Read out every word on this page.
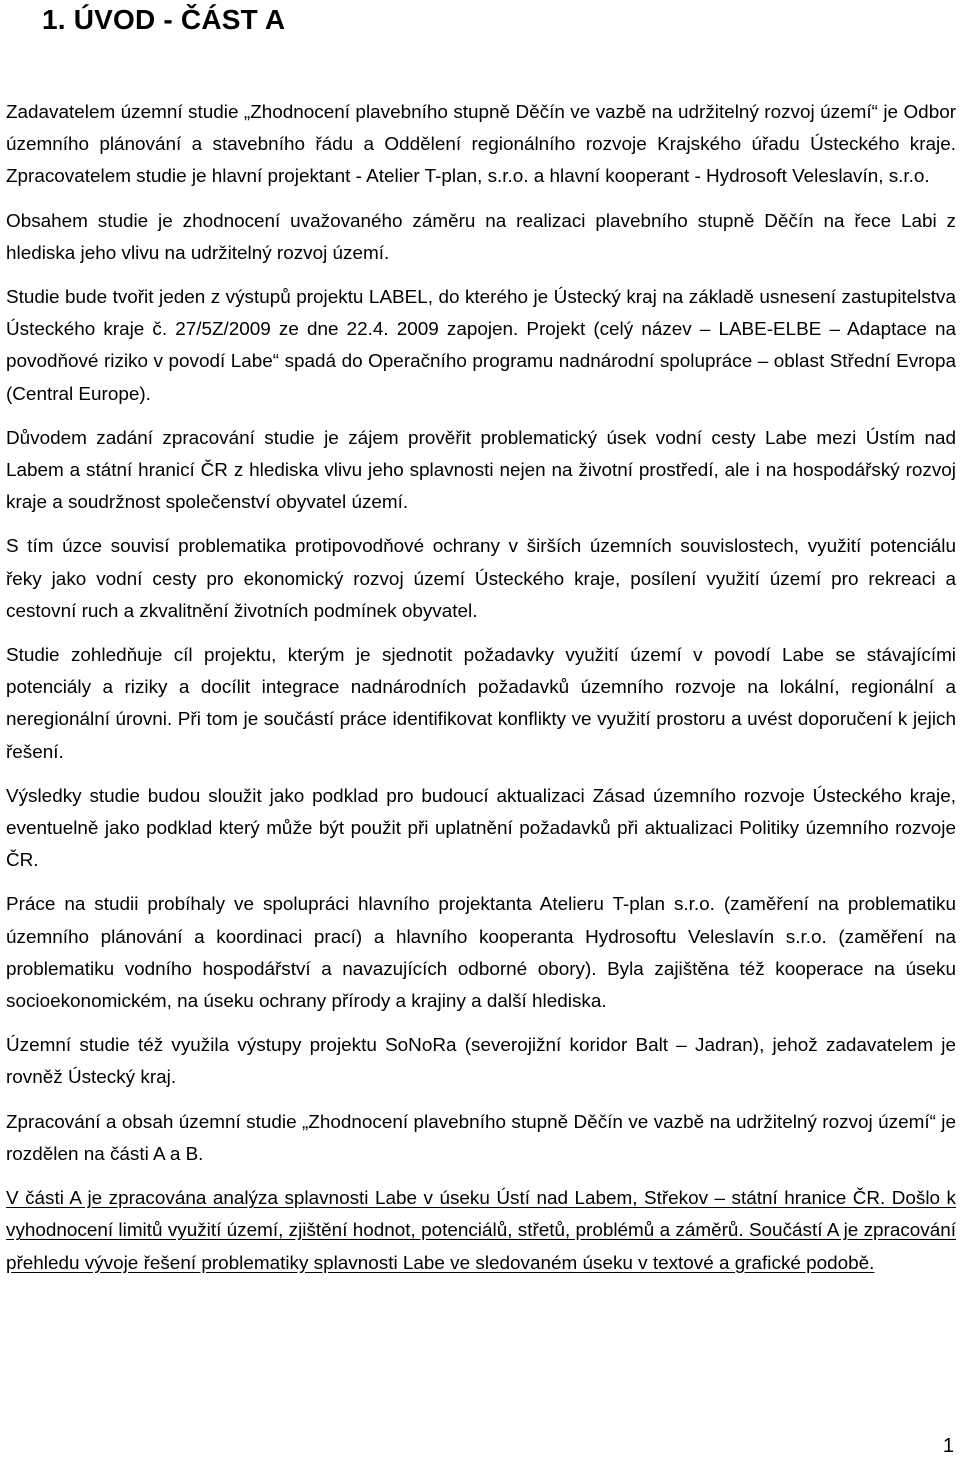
1. ÚVOD - ČÁST A

Zadavatelem územní studie „Zhodnocení plavebního stupně Děčín ve vazbě na udržitelný rozvoj území“ je Odbor územního plánování a stavebního řádu a Oddělení regionálního rozvoje Krajského úřadu Ústeckého kraje. Zpracovatelem studie je hlavní projektant - Atelier T-plan, s.r.o. a hlavní kooperant - Hydrosoft Veleslavín, s.r.o.

Obsahem studie je zhodnocení uvažovaného záměru na realizaci plavebního stupně Děčín na řece Labi z hlediska jeho vlivu na udržitelný rozvoj území.

Studie bude tvořit jeden z výstupů projektu LABEL, do kterého je Ústecký kraj na základě usnesení zastupitelstva Ústeckého kraje č. 27/5Z/2009 ze dne 22.4. 2009 zapojen. Projekt (celý název – LABE-ELBE – Adaptace na povodňové riziko v povodí Labe“ spadá do Operačního programu nadnárodní spolupráce – oblast Střední Evropa (Central Europe).

Důvodem zadání zpracování studie je zájem prověřit problematický úsek vodní cesty Labe mezi Ústím nad Labem a státní hranicí ČR z hlediska vlivu jeho splavnosti nejen na životní prostředí, ale i na hospodářský rozvoj kraje a soudržnost společenství obyvatel území.

S tím úzce souvisí problematika protipovodňové ochrany v širších územních souvislostech, využití potenciálu řeky jako vodní cesty pro ekonomický rozvoj území Ústeckého kraje, posílení využití území pro rekreaci a cestovní ruch a zkvalitnění životních podmínek obyvatel.

Studie zohledňuje cíl projektu, kterým je sjednotit požadavky využití území v povodí Labe se stávajícími potenciály a riziky a docílit integrace nadnárodních požadavků územního rozvoje na lokální, regionální a neregionální úrovni. Při tom je součástí práce identifikovat konflikty ve využití prostoru a uvést doporučení k jejich řešení.

Výsledky studie budou sloužit jako podklad pro budoucí aktualizaci Zásad územního rozvoje Ústeckého kraje, eventuelně jako podklad který může být použit při uplatnění požadavků při aktualizaci Politiky územního rozvoje ČR.

Práce na studii probíhaly ve spolupráci hlavního projektanta Atelieru T-plan s.r.o. (zaměření na problematiku územního plánování a koordinaci prací) a hlavního kooperanta Hydrosoftu Veleslavín s.r.o. (zaměření na problematiku vodního hospodářství a navazujících odborné obory). Byla zajištěna též kooperace na úseku socioekonomickém, na úseku ochrany přírody a krajiny a další hlediska.

Územní studie též využila výstupy projektu SoNoRa (severojižní koridor Balt – Jadran), jehož zadavatelem je rovněž Ústecký kraj.

Zpracování a obsah územní studie „Zhodnocení plavebního stupně Děčín ve vazbě na udržitelný rozvoj území“ je rozdělen na části A a B.

V části A je zpracována analýza splavnosti Labe v úseku Ústí nad Labem, Střekov – státní hranice ČR. Došlo k vyhodnocení limitů využití území, zjištění hodnot, potenciálů, střetů, problémů a záměrů. Součástí A je zpracování přehledu vývoje řešení problematiky splavnosti Labe ve sledovaném úseku v textové a grafické podobě.

1
